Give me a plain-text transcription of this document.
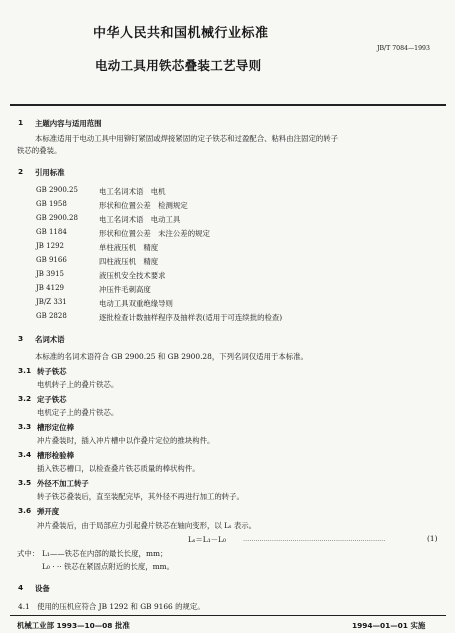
中华人民共和国机械行业标准
JB/T 7084—1993
电动工具用铁芯叠装工艺导则
1 主题内容与适用范围
本标准适用于电动工具中用铆钉紧固或焊接紧固的定子铁芯和过盈配合、粘料由注固定的转子
铁芯的叠装。
2 引用标准
GB 2900.25	电工名词术语　电机
GB 1958	形状和位置公差　检测规定
GB 2900.28	电工名词术语　电动工具
GB 1184	形状和位置公差　未注公差的规定
JB 1292	单柱液压机　精度
GB 9166	四柱液压机　精度
JB 3915	液压机安全技术要求
JB 4129	冲压件毛刺高度
JB/Z 331	电动工具双重绝缘导则
GB 2828	逐批检查计数抽样程序及抽样表(适用于可连续批的检查)
3 名词术语
本标准的名词术语符合 GB 2900.25 和 GB 2900.28，下列名词仅适用于本标准。
3.1 转子铁芯
电机转子上的叠片铁芯。
3.2 定子铁芯
电机定子上的叠片铁芯。
3.3 槽形定位棒
冲片叠装时，插入冲片槽中以作叠片定位的推块构件。
3.4 槽形检验棒
插入铁芯槽口，以检查叠片铁芯质量的棒状构件。
3.5 外径不加工转子
转子铁芯叠装后，直至装配完毕，其外径不再进行加工的转子。
3.6 弹开度
冲片叠装后，由于局部应力引起叠片铁芯在轴向变形，以 Lₛ 表示。
Lₛ＝L₁－L₀	……………………………………………………………	(1)
式中： L₁——铁芯在内部的最长长度，mm；
L₀ · ·· 铁芯在紧固点附近的长度，mm。
4 设备
4.1　使用的压机应符合 JB 1292 和 GB 9166 的规定。
机械工业部 1993—10—08 批准	1994—01—01 实施
